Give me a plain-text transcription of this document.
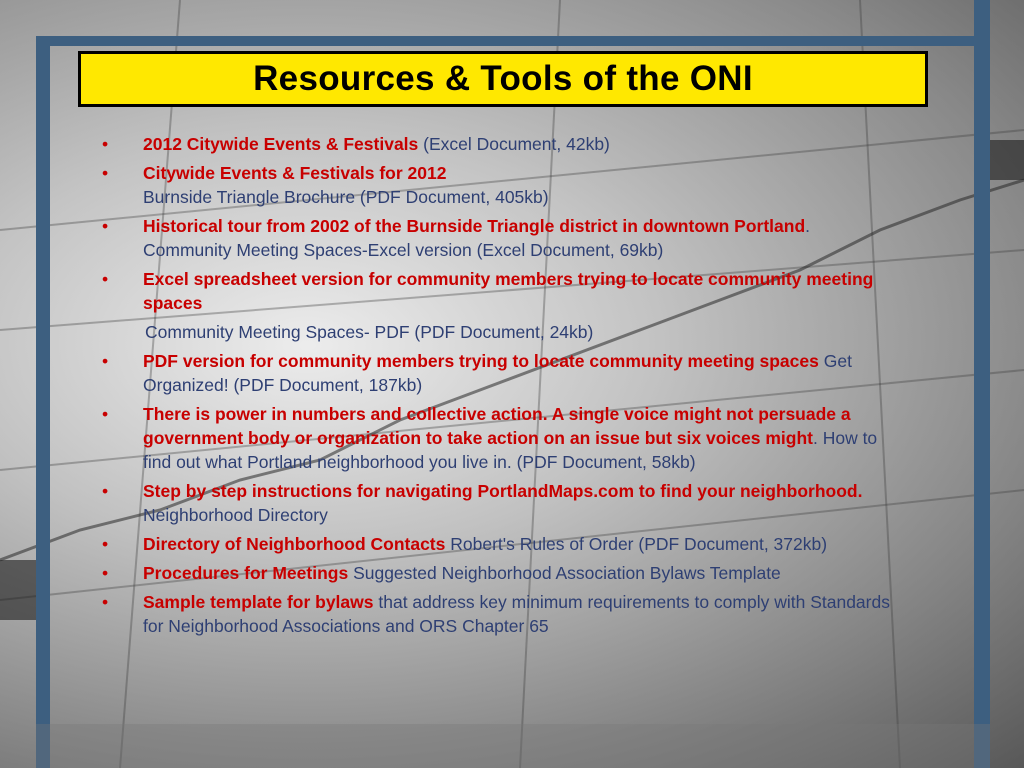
Resources & Tools of the ONI
• 2012 Citywide Events & Festivals (Excel Document, 42kb)
• Citywide Events & Festivals for 2012
Burnside Triangle Brochure (PDF Document, 405kb)
• Historical tour from 2002 of the Burnside Triangle district in downtown Portland.
Community Meeting Spaces-Excel version (Excel Document, 69kb)
• Excel spreadsheet version for community members trying to locate community meeting spaces
Community Meeting Spaces- PDF (PDF Document, 24kb)
• PDF version for community members trying to locate community meeting spaces Get Organized! (PDF Document, 187kb)
• There is power in numbers and collective action. A single voice might not persuade a government body or organization to take action on an issue but six voices might. How to find out what Portland neighborhood you live in. (PDF Document, 58kb)
• Step by step instructions for navigating PortlandMaps.com to find your neighborhood. Neighborhood Directory
• Directory of Neighborhood Contacts Robert's Rules of Order (PDF Document, 372kb)
• Procedures for Meetings Suggested Neighborhood Association Bylaws Template
• Sample template for bylaws that address key minimum requirements to comply with Standards for Neighborhood Associations and ORS Chapter 65
